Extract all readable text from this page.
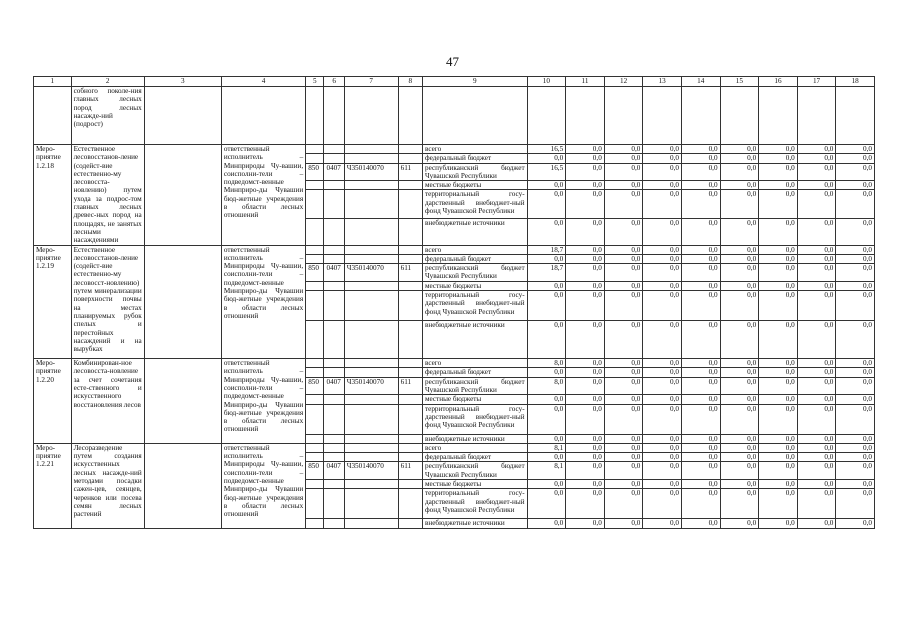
47
1	2	3	4	5	6	7	8	9	10	11	12	13	14	15	16	17	18
	собного поколе-ния главных лесных пород лесных насажде-ний (подрост)																
Меро-приятие 1.2.18	Естественное лесовосстанов-ление (содейст-вие естественно-му лесовосста-новлению) путем ухода за подрос-том главных лесных древес-ных пород на площадях, не занятых лесными насаждениями		ответственный исполнитель – Минприроды Чу-вашии, соисполни-тели – подведомст-венные Минприро-ды Чувашии бюд-жетные учреждения в области лесных отношений					всего	16,5	0,0	0,0	0,0	0,0	0,0	0,0	0,0	0,0
								федеральный бюджет	0,0	0,0	0,0	0,0	0,0	0,0	0,0	0,0	0,0
				850	0407	Ч350140070	611	республиканский бюджет Чувашской Республики	16,5	0,0	0,0	0,0	0,0	0,0	0,0	0,0	0,0
								местные бюджеты	0,0	0,0	0,0	0,0	0,0	0,0	0,0	0,0	0,0
								территориальный госу-дарственный внебюджет-ный фонд Чувашской Республики	0,0	0,0	0,0	0,0	0,0	0,0	0,0	0,0	0,0
								внебюджетные источники	0,0	0,0	0,0	0,0	0,0	0,0	0,0	0,0	0,0
Меро-приятие 1.2.19	Естественное лесовосстанов-ление (содейст-вие естественно-му лесовосст-новлению) путем минерализации поверхности почвы на местах планируемых рубок спелых и перестойных насаждений и на вырубках		ответственный исполнитель – Минприроды Чу-вашии, соисполни-тели – подведомст-венные Минприро-ды Чувашии бюд-жетные учреждения в области лесных отношений					всего	18,7	0,0	0,0	0,0	0,0	0,0	0,0	0,0	0,0
								федеральный бюджет	0,0	0,0	0,0	0,0	0,0	0,0	0,0	0,0	0,0
				850	0407	Ч350140070	611	республиканский бюджет Чувашской Республики	18,7	0,0	0,0	0,0	0,0	0,0	0,0	0,0	0,0
								местные бюджеты	0,0	0,0	0,0	0,0	0,0	0,0	0,0	0,0	0,0
								территориальный госу-дарственный внебюджет-ный фонд Чувашской Республики	0,0	0,0	0,0	0,0	0,0	0,0	0,0	0,0	0,0
								внебюджетные источники	0,0	0,0	0,0	0,0	0,0	0,0	0,0	0,0	0,0
Меро-приятие 1.2.20	Комбинирован-ное лесовосста-новление за счет сочетания есте-ственного и искусственного восстановления лесов		ответственный исполнитель – Минприроды Чу-вашии, соисполни-тели – подведомст-венные Минприро-ды Чувашии бюд-жетные учреждения в области лесных отношений					всего	8,0	0,0	0,0	0,0	0,0	0,0	0,0	0,0	0,0
								федеральный бюджет	0,0	0,0	0,0	0,0	0,0	0,0	0,0	0,0	0,0
				850	0407	Ч350140070	611	республиканский бюджет Чувашской Республики	8,0	0,0	0,0	0,0	0,0	0,0	0,0	0,0	0,0
								местные бюджеты	0,0	0,0	0,0	0,0	0,0	0,0	0,0	0,0	0,0
								территориальный госу-дарственный внебюджет-ный фонд Чувашской Республики	0,0	0,0	0,0	0,0	0,0	0,0	0,0	0,0	0,0
								внебюджетные источники	0,0	0,0	0,0	0,0	0,0	0,0	0,0	0,0	0,0
Меро-приятие 1.2.21	Лесоразведение путем создания искусственных лесных насажде-ний методами посадки сажен-цев, сеянцев, черенков или посева семян лесных растений		ответственный исполнитель – Минприроды Чу-вашии, соисполни-тели – подведомст-венные Минприро-ды Чувашии бюд-жетные учреждения в области лесных отношений					всего	8,1	0,0	0,0	0,0	0,0	0,0	0,0	0,0	0,0
								федеральный бюджет	0,0	0,0	0,0	0,0	0,0	0,0	0,0	0,0	0,0
				850	0407	Ч350140070	611	республиканский бюджет Чувашской Республики	8,1	0,0	0,0	0,0	0,0	0,0	0,0	0,0	0,0
								местные бюджеты	0,0	0,0	0,0	0,0	0,0	0,0	0,0	0,0	0,0
								территориальный госу-дарственный внебюджет-ный фонд Чувашской Республики	0,0	0,0	0,0	0,0	0,0	0,0	0,0	0,0	0,0
								внебюджетные источники	0,0	0,0	0,0	0,0	0,0	0,0	0,0	0,0	0,0
